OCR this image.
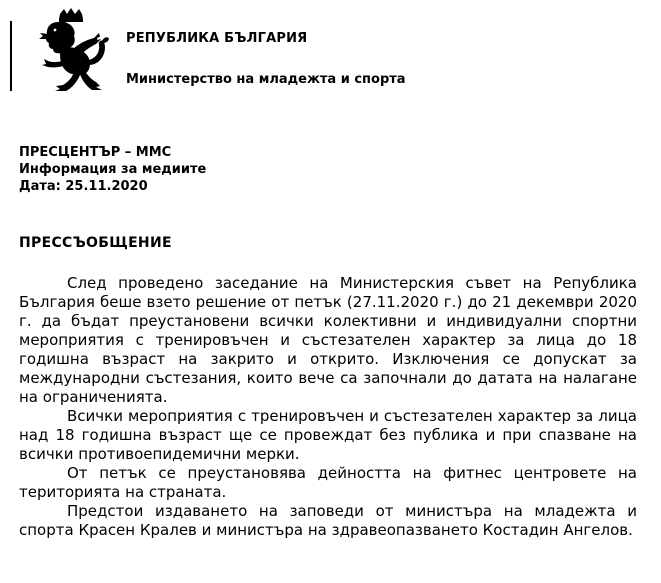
РЕПУБЛИКА БЪЛГАРИЯ
Министерство на младежта и спорта
ПРЕСЦЕНТЪР – ММС
Информация за медиите
Дата: 25.11.2020
ПРЕССЪОБЩЕНИЕ

След проведено заседание на Министерския съвет на Република България беше взето решение от петък (27.11.2020 г.) до 21 декември 2020 г. да бъдат преустановени всички колективни и индивидуални спортни мероприятия с тренировъчен и състезателен характер за лица до 18 годишна възраст на закрито и открито. Изключения се допускат за международни състезания, които вече са започнали до датата на налагане на ограниченията.

Всички мероприятия с тренировъчен и състезателен характер за лица над 18 годишна възраст ще се провеждат без публика и при спазване на всички противоепидемични мерки.

От петък се преустановява дейността на фитнес центровете на територията на страната.

Предстои издаването на заповеди от министъра на младежта и спорта Красен Кралев и министъра на здравеопазването Костадин Ангелов.
